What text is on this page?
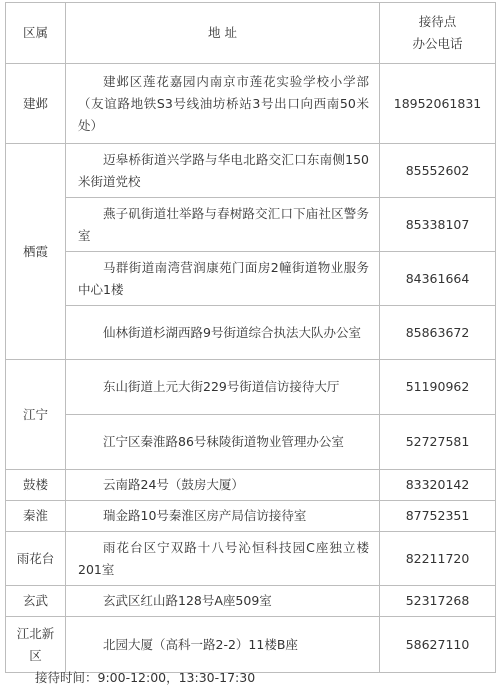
区属	地 址	接待点
办公电话

建邺	建邺区莲花嘉园内南京市莲花实验学校小学部（友谊路地铁S3号线油坊桥站3号出口向西南50米处）	18952061831
栖霞	迈皋桥街道兴学路与华电北路交汇口东南侧150米街道党校	85552602

	燕子矶街道壮举路与春树路交汇口下庙社区警务室	85338107

	马群街道南湾营润康苑门面房2幢街道物业服务中心1楼	84361664

	仙林街道杉湖西路9号街道综合执法大队办公室	85863672
江宁	东山街道上元大街229号街道信访接待大厅	51190962

	江宁区秦淮路86号秣陵街道物业管理办公室	52727581
鼓楼	云南路24号（鼓房大厦）	83320142
秦淮	瑞金路10号秦淮区房产局信访接待室	87752351
雨花台	雨花台区宁双路十八号沁恒科技园C座独立楼201室	82211720
玄武	玄武区红山路128号A座509室	52317268
江北新区	北园大厦（高科一路2-2）11楼B座	58627110
接待时间：9:00-12:00，13:30-17:30
